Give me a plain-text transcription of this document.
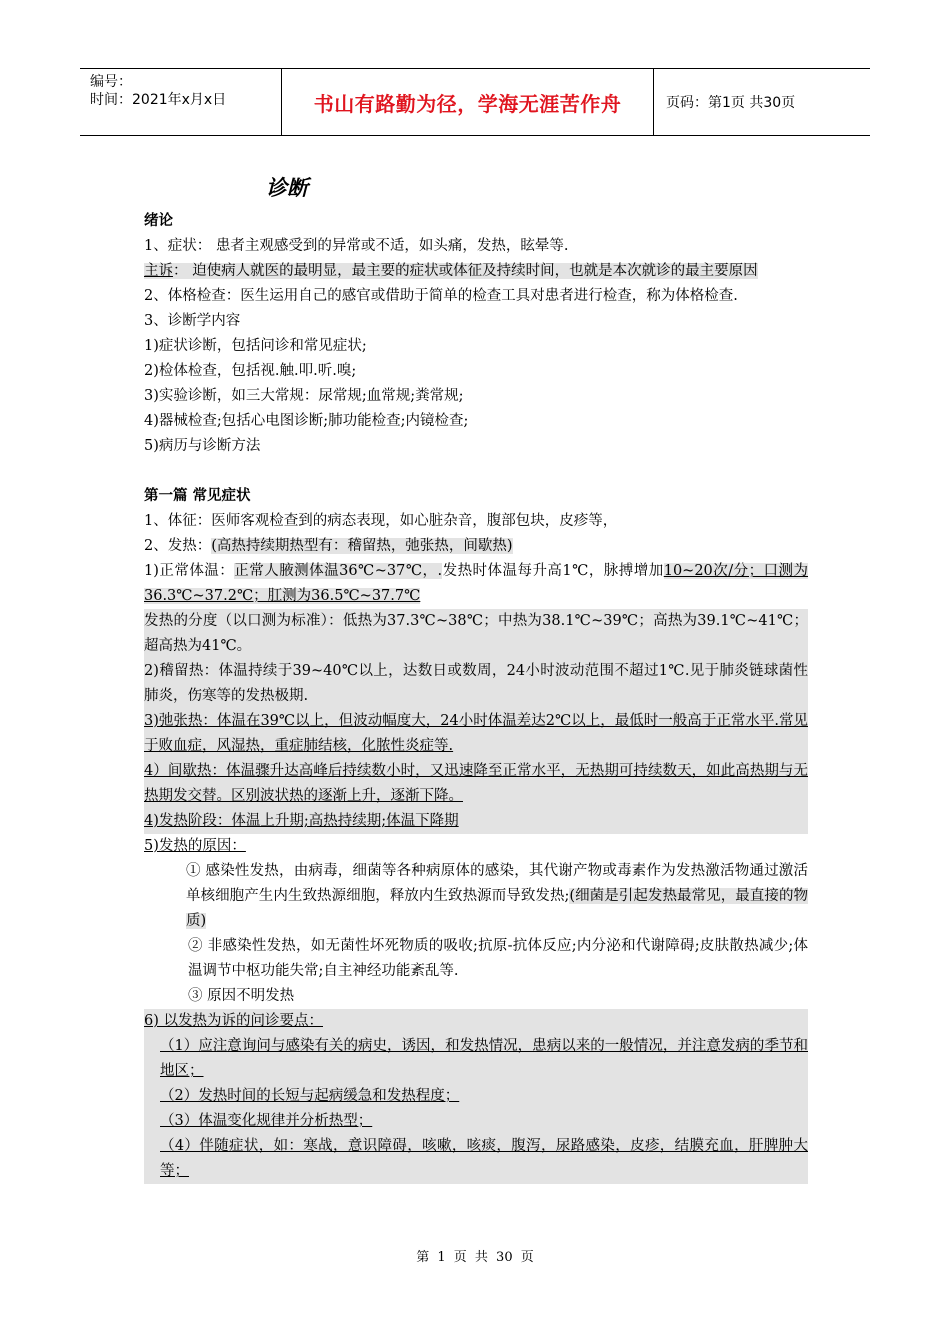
编号：
时间：2021年x月x日	书山有路勤为径，学海无涯苦作舟	页码：第1页 共30页
诊断

绪论

1、症状： 患者主观感受到的异常或不适，如头痛，发热，眩晕等.

主诉： 迫使病人就医的最明显，最主要的症状或体征及持续时间，也就是本次就诊的最主要原因

2、体格检查：医生运用自己的感官或借助于简单的检查工具对患者进行检查，称为体格检查.

3、诊断学内容

1)症状诊断，包括问诊和常见症状;

2)检体检查，包括视.触.叩.听.嗅;

3)实验诊断，如三大常规：尿常规;血常规;粪常规;

4)器械检查;包括心电图诊断;肺功能检查;内镜检查;

5)病历与诊断方法

第一篇 常见症状

1、体征：医师客观检查到的病态表现，如心脏杂音，腹部包块，皮疹等，

2、发热：(高热持续期热型有：稽留热，弛张热，间歇热)

1)正常体温：正常人腋测体温36℃~37℃，.发热时体温每升高1℃，脉搏增加10~20次/分；口测为36.3℃~37.2℃；肛测为36.5℃~37.7℃

发热的分度（以口测为标准）：低热为37.3℃~38℃；中热为38.1℃~39℃；高热为39.1℃~41℃；超高热为41℃。

2)稽留热：体温持续于39~40℃以上，达数日或数周，24小时波动范围不超过1℃.见于肺炎链球菌性肺炎，伤寒等的发热极期.

3)弛张热：体温在39℃以上，但波动幅度大，24小时体温差达2℃以上，最低时一般高于正常水平.常见于败血症，风湿热，重症肺结核，化脓性炎症等.

4）间歇热：体温骤升达高峰后持续数小时，又迅速降至正常水平，无热期可持续数天，如此高热期与无热期发交替。区别波状热的逐渐上升，逐渐下降。

4)发热阶段：体温上升期;高热持续期;体温下降期

5)发热的原因：

① 感染性发热，由病毒，细菌等各种病原体的感染，其代谢产物或毒素作为发热激活物通过激活单核细胞产生内生致热源细胞，释放内生致热源而导致发热;(细菌是引起发热最常见，最直接的物质)

② 非感染性发热，如无菌性坏死物质的吸收;抗原-抗体反应;内分泌和代谢障碍;皮肤散热减少;体温调节中枢功能失常;自主神经功能紊乱等.

③ 原因不明发热

6) 以发热为诉的问诊要点：

（1）应注意询问与感染有关的病史，诱因，和发热情况，患病以来的一般情况，并注意发病的季节和地区；

（2）发热时间的长短与起病缓急和发热程度；

（3）体温变化规律并分析热型；

（4）伴随症状，如：寒战，意识障碍，咳嗽，咳痰，腹泻，尿路感染，皮疹，结膜充血，肝脾肿大等；

第 1 页 共 30 页
